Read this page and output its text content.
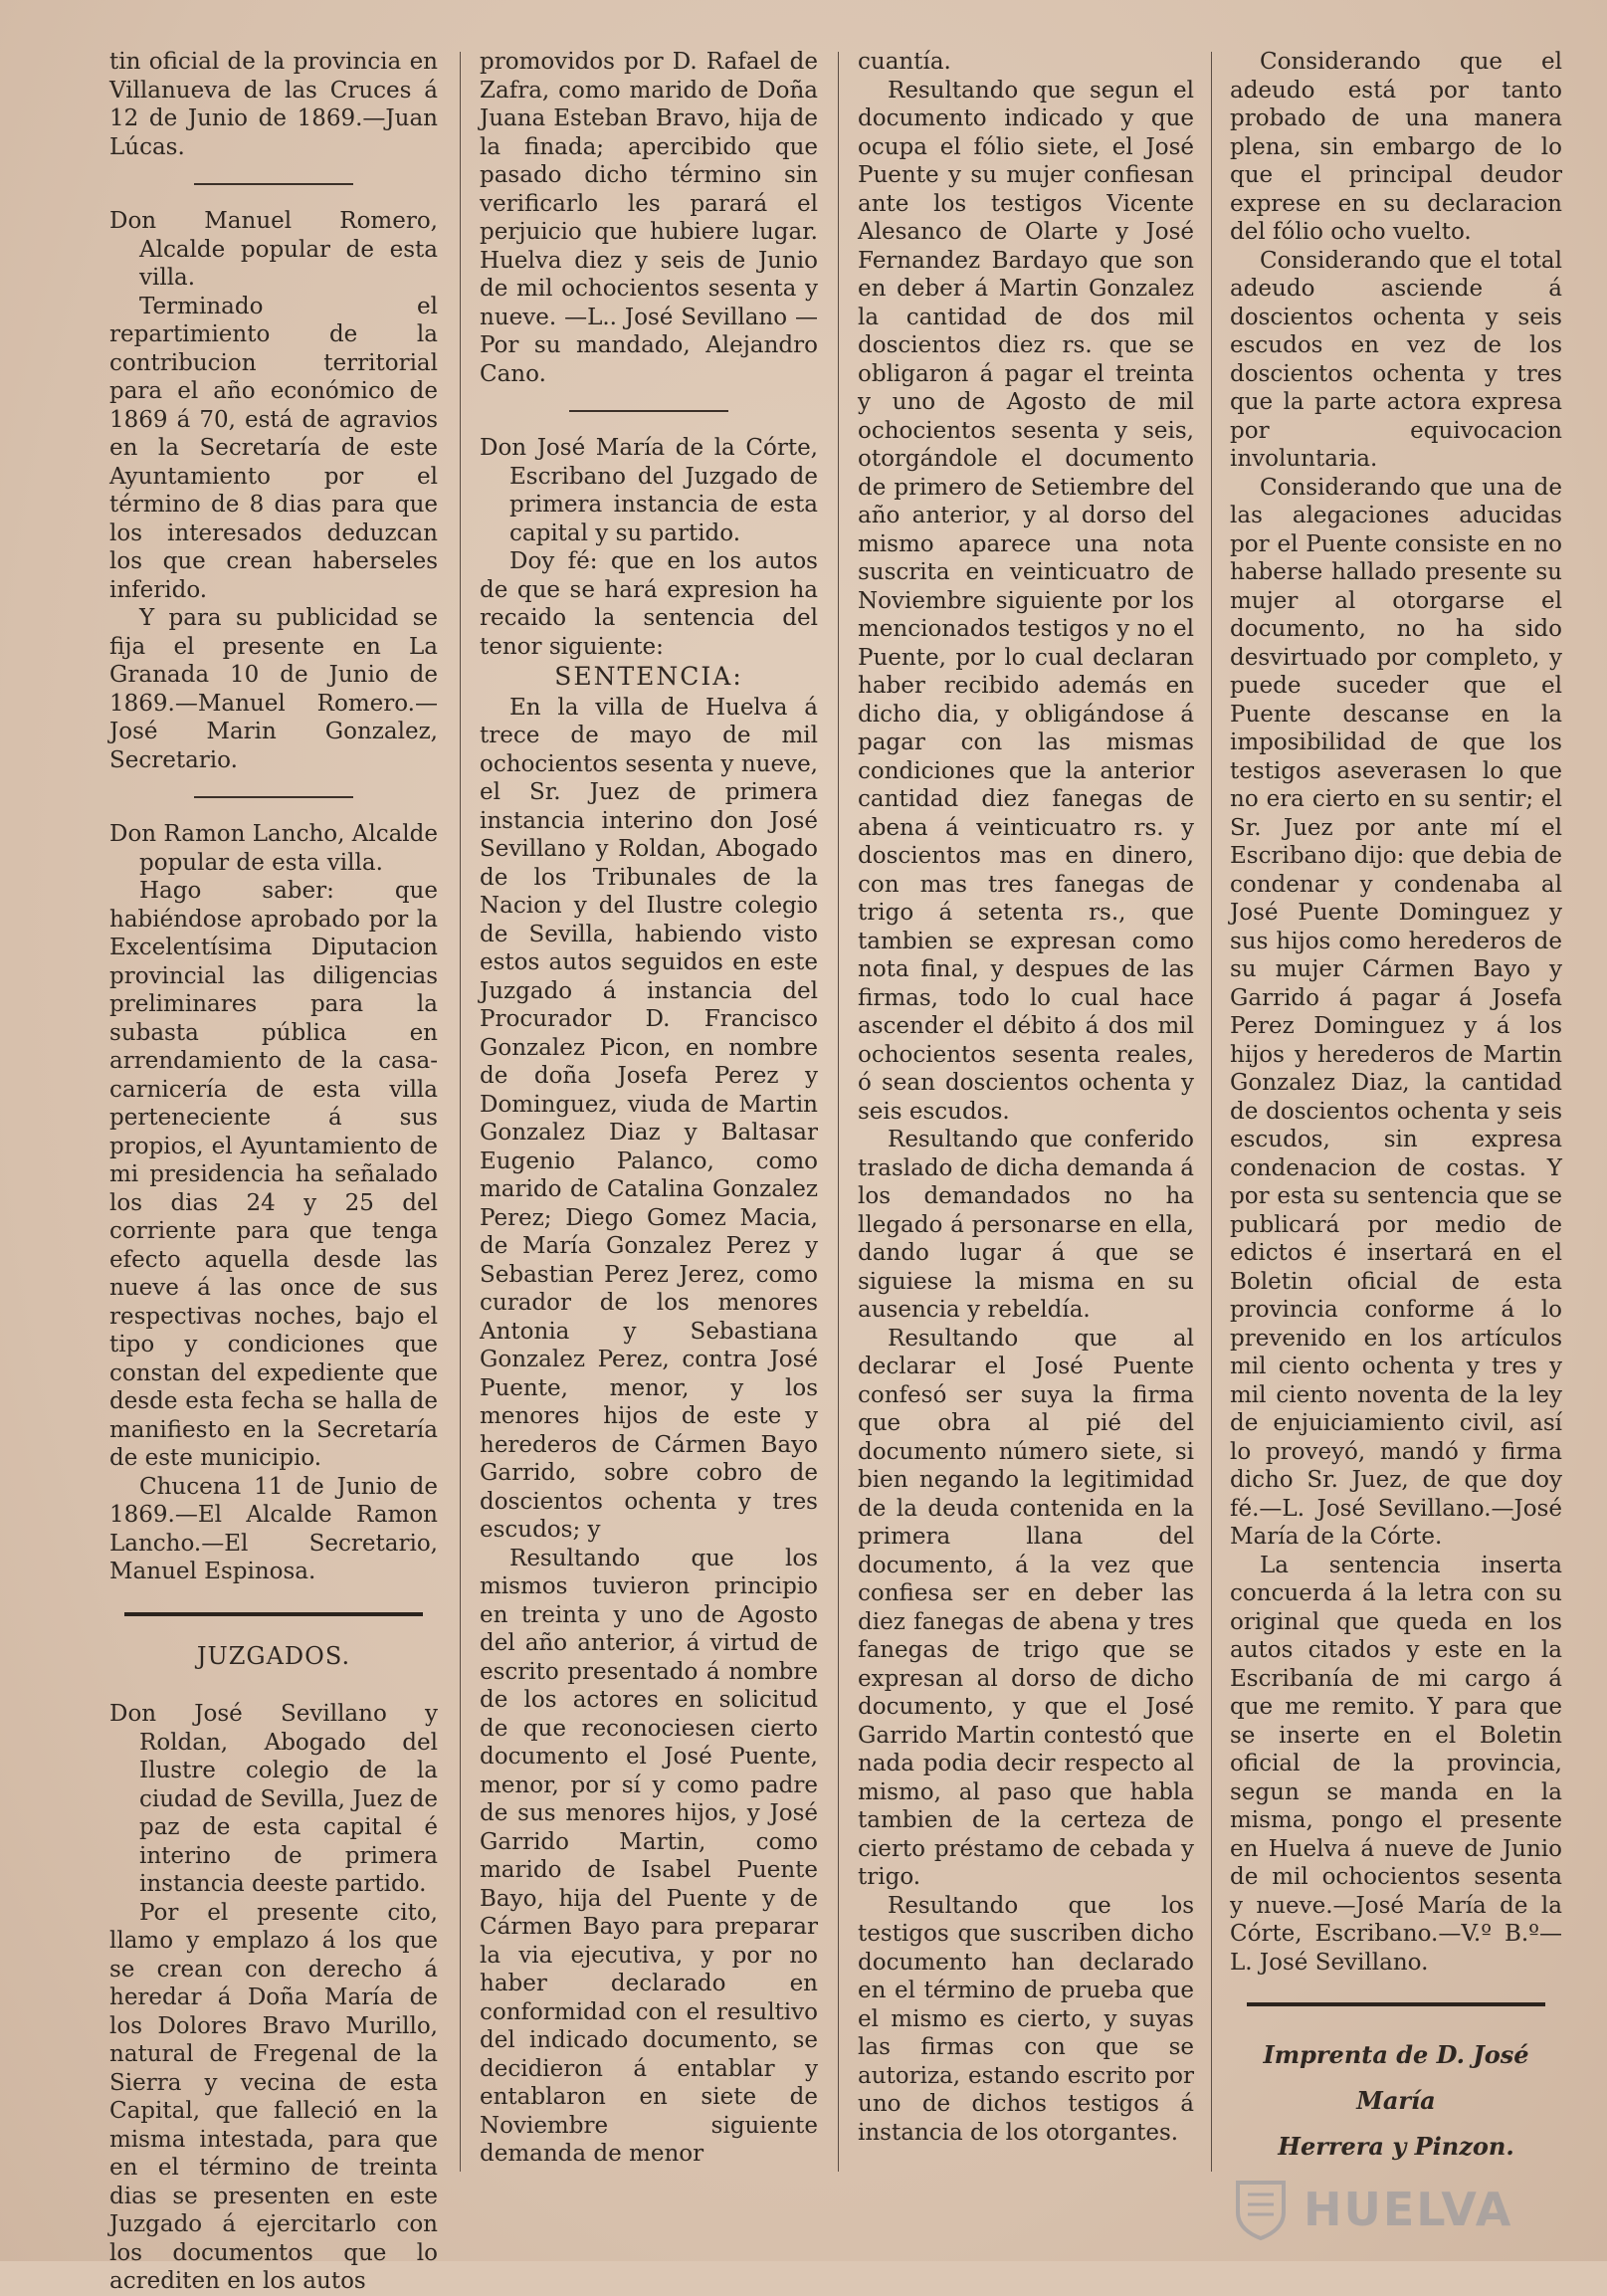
tin oficial de la provincia en Villanueva de las Cruces á 12 de Junio de 1869.—Juan Lúcas.

Don Manuel Romero, Alcalde popular de esta villa.

Terminado el repartimiento de la contribucion territorial para el año económico de 1869 á 70, está de agravios en la Secretaría de este Ayuntamiento por el término de 8 dias para que los interesados deduzcan los que crean haberseles inferido.

Y para su publicidad se fija el presente en La Granada 10 de Junio de 1869.—Manuel Romero.—José Marin Gonzalez, Secretario.

Don Ramon Lancho, Alcalde popular de esta villa.

Hago saber: que habiéndose aprobado por la Excelentísima Diputacion provincial las diligencias preliminares para la subasta pública en arrendamiento de la casa-carnicería de esta villa perteneciente á sus propios, el Ayuntamiento de mi presidencia ha señalado los dias 24 y 25 del corriente para que tenga efecto aquella desde las nueve á las once de sus respectivas noches, bajo el tipo y condiciones que constan del expediente que desde esta fecha se halla de manifiesto en la Secretaría de este municipio.

Chucena 11 de Junio de 1869.—El Alcalde Ramon Lancho.—El Secretario, Manuel Espinosa.

JUZGADOS.

Don José Sevillano y Roldan, Abogado del Ilustre colegio de la ciudad de Sevilla, Juez de paz de esta capital é interino de primera instancia deeste partido.

Por el presente cito, llamo y emplazo á los que se crean con derecho á heredar á Doña María de los Dolores Bravo Murillo, natural de Fregenal de la Sierra y vecina de esta Capital, que falleció en la misma intestada, para que en el término de treinta dias se presenten en este Juzgado á ejercitarlo con los documentos que lo acrediten en los autos

promovidos por D. Rafael de Zafra, como marido de Doña Juana Esteban Bravo, hija de la finada; apercibido que pasado dicho término sin verificarlo les parará el perjuicio que hubiere lugar. Huelva diez y seis de Junio de mil ochocientos sesenta y nueve. —L.. José Sevillano —Por su mandado, Alejandro Cano.

Don José María de la Córte, Escribano del Juzgado de primera instancia de esta capital y su partido.

Doy fé: que en los autos de que se hará expresion ha recaido la sentencia del tenor siguiente:

SENTENCIA:

En la villa de Huelva á trece de mayo de mil ochocientos sesenta y nueve, el Sr. Juez de primera instancia interino don José Sevillano y Roldan, Abogado de los Tribunales de la Nacion y del Ilustre colegio de Sevilla, habiendo visto estos autos seguidos en este Juzgado á instancia del Procurador D. Francisco Gonzalez Picon, en nombre de doña Josefa Perez y Dominguez, viuda de Martin Gonzalez Diaz y Baltasar Eugenio Palanco, como marido de Catalina Gonzalez Perez; Diego Gomez Macia, de María Gonzalez Perez y Sebastian Perez Jerez, como curador de los menores Antonia y Sebastiana Gonzalez Perez, contra José Puente, menor, y los menores hijos de este y herederos de Cármen Bayo Garrido, sobre cobro de doscientos ochenta y tres escudos; y

Resultando que los mismos tuvieron principio en treinta y uno de Agosto del año anterior, á virtud de escrito presentado á nombre de los actores en solicitud de que reconociesen cierto documento el José Puente, menor, por sí y como padre de sus menores hijos, y José Garrido Martin, como marido de Isabel Puente Bayo, hija del Puente y de Cármen Bayo para preparar la via ejecutiva, y por no haber declarado en conformidad con el resultivo del indicado documento, se decidieron á entablar y entablaron en siete de Noviembre siguiente demanda de menor

cuantía.

Resultando que segun el documento indicado y que ocupa el fólio siete, el José Puente y su mujer confiesan ante los testigos Vicente Alesanco de Olarte y José Fernandez Bardayo que son en deber á Martin Gonzalez la cantidad de dos mil doscientos diez rs. que se obligaron á pagar el treinta y uno de Agosto de mil ochocientos sesenta y seis, otorgándole el documento de primero de Setiembre del año anterior, y al dorso del mismo aparece una nota suscrita en veinticuatro de Noviembre siguiente por los mencionados testigos y no el Puente, por lo cual declaran haber recibido además en dicho dia, y obligándose á pagar con las mismas condiciones que la anterior cantidad diez fanegas de abena á veinticuatro rs. y doscientos mas en dinero, con mas tres fanegas de trigo á setenta rs., que tambien se expresan como nota final, y despues de las firmas, todo lo cual hace ascender el débito á dos mil ochocientos sesenta reales, ó sean doscientos ochenta y seis escudos.

Resultando que conferido traslado de dicha demanda á los demandados no ha llegado á personarse en ella, dando lugar á que se siguiese la misma en su ausencia y rebeldía.

Resultando que al declarar el José Puente confesó ser suya la firma que obra al pié del documento número siete, si bien negando la legitimidad de la deuda contenida en la primera llana del documento, á la vez que confiesa ser en deber las diez fanegas de abena y tres fanegas de trigo que se expresan al dorso de dicho documento, y que el José Garrido Martin contestó que nada podia decir respecto al mismo, al paso que habla tambien de la certeza de cierto préstamo de cebada y trigo.

Resultando que los testigos que suscriben dicho documento han declarado en el término de prueba que el mismo es cierto, y suyas las firmas con que se autoriza, estando escrito por uno de dichos testigos á instancia de los otorgantes.

Considerando que el adeudo está por tanto probado de una manera plena, sin embargo de lo que el principal deudor exprese en su declaracion del fólio ocho vuelto.

Considerando que el total adeudo asciende á doscientos ochenta y seis escudos en vez de los doscientos ochenta y tres que la parte actora expresa por equivocacion involuntaria.

Considerando que una de las alegaciones aducidas por el Puente consiste en no haberse hallado presente su mujer al otorgarse el documento, no ha sido desvirtuado por completo, y puede suceder que el Puente descanse en la imposibilidad de que los testigos aseverasen lo que no era cierto en su sentir; el Sr. Juez por ante mí el Escribano dijo: que debia de condenar y condenaba al José Puente Dominguez y sus hijos como herederos de su mujer Cármen Bayo y Garrido á pagar á Josefa Perez Dominguez y á los hijos y herederos de Martin Gonzalez Diaz, la cantidad de doscientos ochenta y seis escudos, sin expresa condenacion de costas. Y por esta su sentencia que se publicará por medio de edictos é insertará en el Boletin oficial de esta provincia conforme á lo prevenido en los artículos mil ciento ochenta y tres y mil ciento noventa de la ley de enjuiciamiento civil, así lo proveyó, mandó y firma dicho Sr. Juez, de que doy fé.—L. José Sevillano.—José María de la Córte.

La sentencia inserta concuerda á la letra con su original que queda en los autos citados y este en la Escribanía de mi cargo á que me remito. Y para que se inserte en el Boletin oficial de la provincia, segun se manda en la misma, pongo el presente en Huelva á nueve de Junio de mil ochocientos sesenta y nueve.—José María de la Córte, Escribano.—V.º B.º—L. José Sevillano.

Imprenta de D. José María
Herrera y Pinzon.
HUELVA
